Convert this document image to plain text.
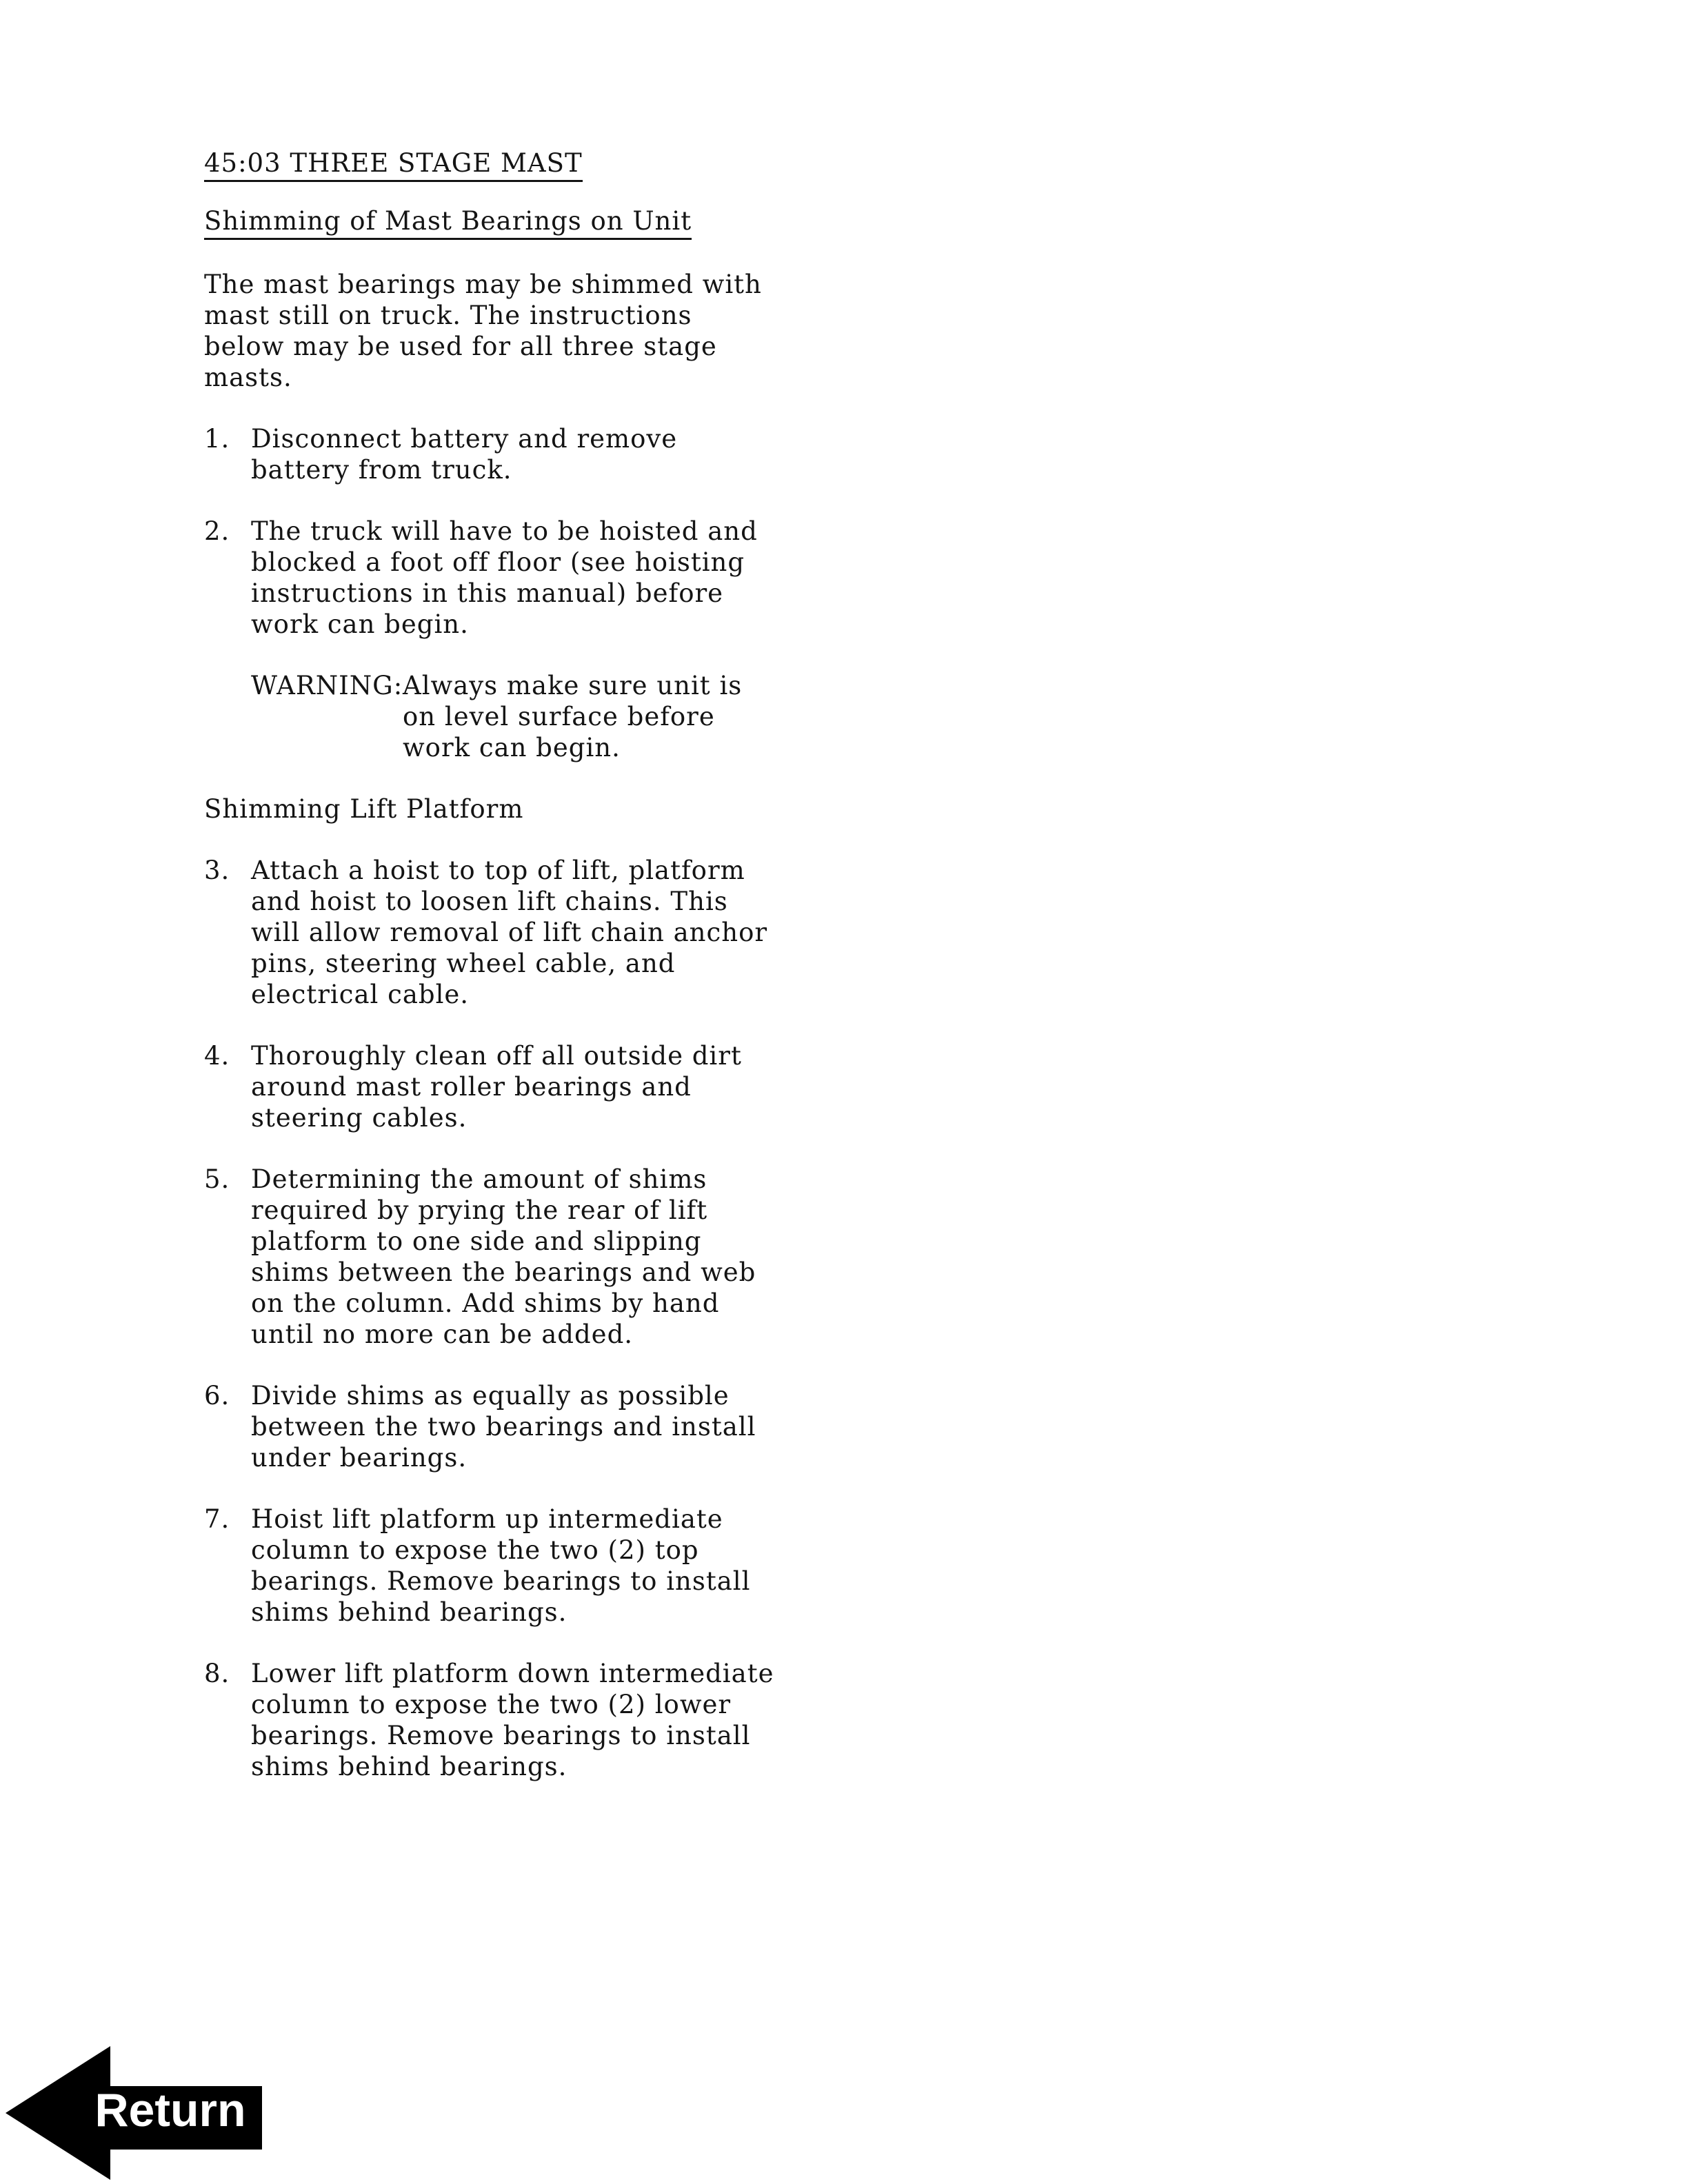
45:03 THREE STAGE MAST
Shimming of Mast Bearings on Unit

The mast bearings may be shimmed with mast still on truck. The instructions below may be used for all three stage masts.

1. Disconnect battery and remove battery from truck.
2. The truck will have to be hoisted and blocked a foot off floor (see hoisting instructions in this manual) before work can begin.
WARNING: Always make sure unit is on level surface before work can begin.
Shimming Lift Platform
3. Attach a hoist to top of lift, platform and hoist to loosen lift chains. This will allow removal of lift chain anchor pins, steering wheel cable, and electrical cable.
4. Thoroughly clean off all outside dirt around mast roller bearings and steering cables.
5. Determining the amount of shims required by prying the rear of lift platform to one side and slipping shims between the bearings and web on the column. Add shims by hand until no more can be added.
6. Divide shims as equally as possible between the two bearings and install under bearings.
7. Hoist lift platform up intermediate column to expose the two (2) top bearings. Remove bearings to install shims behind bearings.
8. Lower lift platform down intermediate column to expose the two (2) lower bearings. Remove bearings to install shims behind bearings.
Return
